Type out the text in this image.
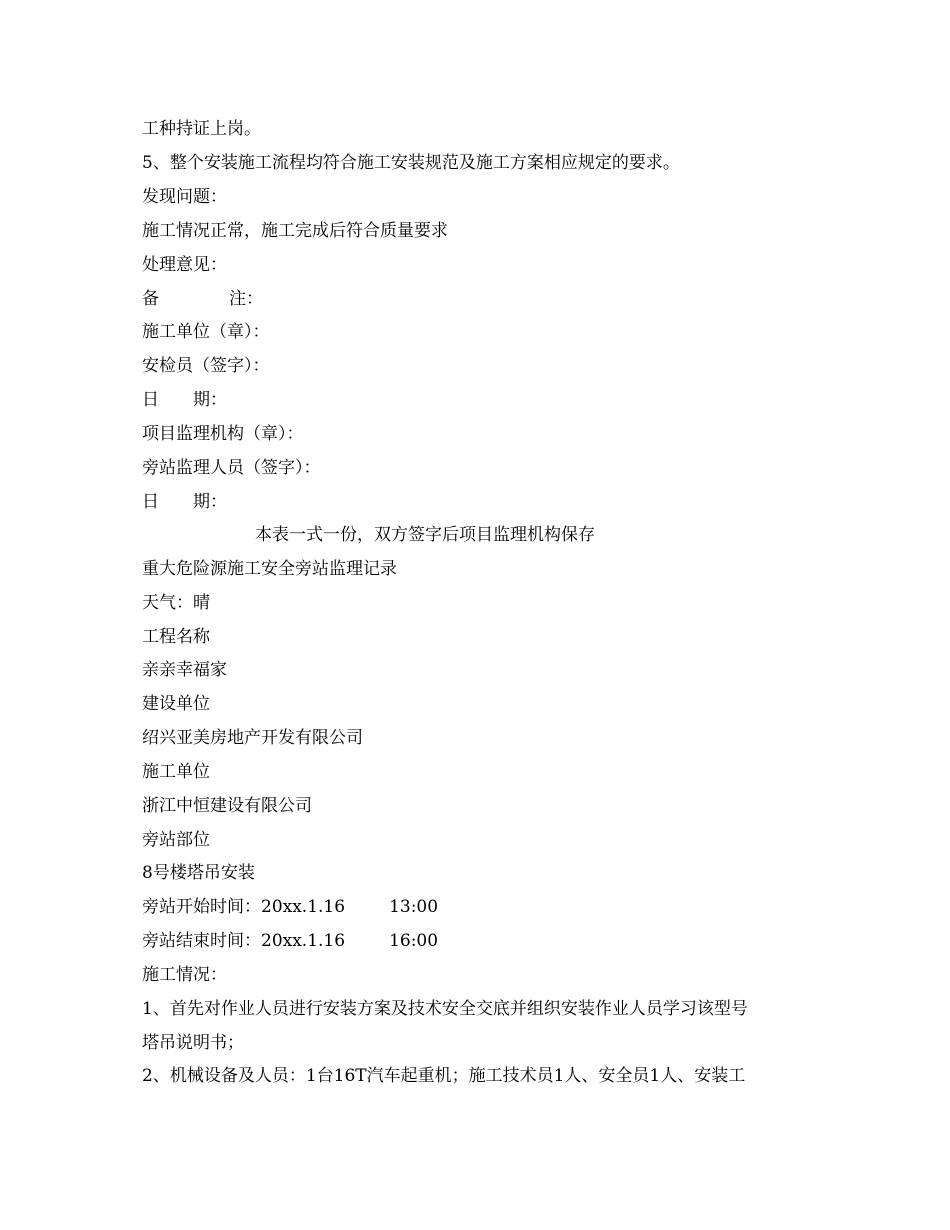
工种持证上岗。
5、整个安装施工流程均符合施工安装规范及施工方案相应规定的要求。
发现问题：
施工情况正常，施工完成后符合质量要求
处理意见：
备	注：
施工单位（章）：
安检员（签字）：
日 期：
项目监理机构（章）：
旁站监理人员（签字）：
日 期：
本表一式一份，双方签字后项目监理机构保存
重大危险源施工安全旁站监理记录
天气：晴
工程名称
亲亲幸福家
建设单位
绍兴亚美房地产开发有限公司
施工单位
浙江中恒建设有限公司
旁站部位
8号楼塔吊安装
旁站开始时间：20xx.1.16	13:00
旁站结束时间：20xx.1.16	16:00
施工情况：
1、首先对作业人员进行安装方案及技术安全交底并组织安装作业人员学习该型号
塔吊说明书；
2、机械设备及人员：1台16T汽车起重机；施工技术员1人、安全员1人、安装工
